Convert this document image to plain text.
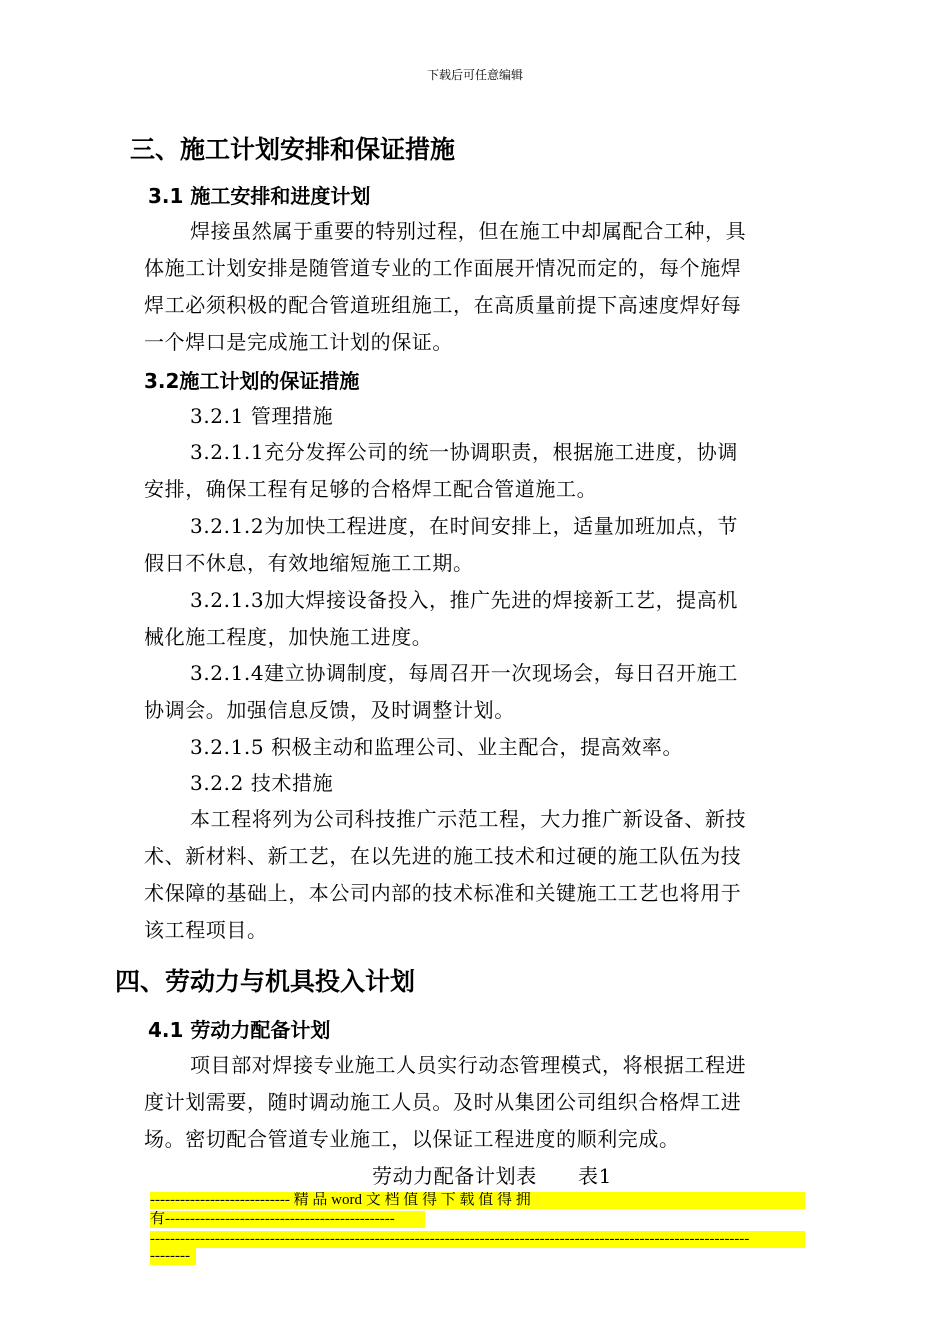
下载后可任意编辑
三、施工计划安排和保证措施
3.1 施工安排和进度计划
焊接虽然属于重要的特别过程，但在施工中却属配合工种，具
体施工计划安排是随管道专业的工作面展开情况而定的，每个施焊
焊工必须积极的配合管道班组施工，在高质量前提下高速度焊好每
一个焊口是完成施工计划的保证。
3.2施工计划的保证措施
3.2.1 管理措施
3.2.1.1充分发挥公司的统一协调职责，根据施工进度，协调
安排，确保工程有足够的合格焊工配合管道施工。
3.2.1.2为加快工程进度，在时间安排上，适量加班加点，节
假日不休息，有效地缩短施工工期。
3.2.1.3加大焊接设备投入，推广先进的焊接新工艺，提高机
械化施工程度，加快施工进度。
3.2.1.4建立协调制度，每周召开一次现场会，每日召开施工
协调会。加强信息反馈，及时调整计划。
3.2.1.5 积极主动和监理公司、业主配合，提高效率。
3.2.2 技术措施
本工程将列为公司科技推广示范工程，大力推广新设备、新技
术、新材料、新工艺，在以先进的施工技术和过硬的施工队伍为技
术保障的基础上，本公司内部的技术标准和关键施工工艺也将用于
该工程项目。
四、劳动力与机具投入计划
4.1 劳动力配备计划
项目部对焊接专业施工人员实行动态管理模式，将根据工程进
度计划需要，随时调动施工人员。及时从集团公司组织合格焊工进
场。密切配合管道专业施工，以保证工程进度的顺利完成。
劳动力配备计划表　　表1
---------------------------- 精 品 word 文 档 值 得 下 载 值 得 拥
有----------------------------------------------
------------------------------------------------------------------------------------------------------------------------
--------
